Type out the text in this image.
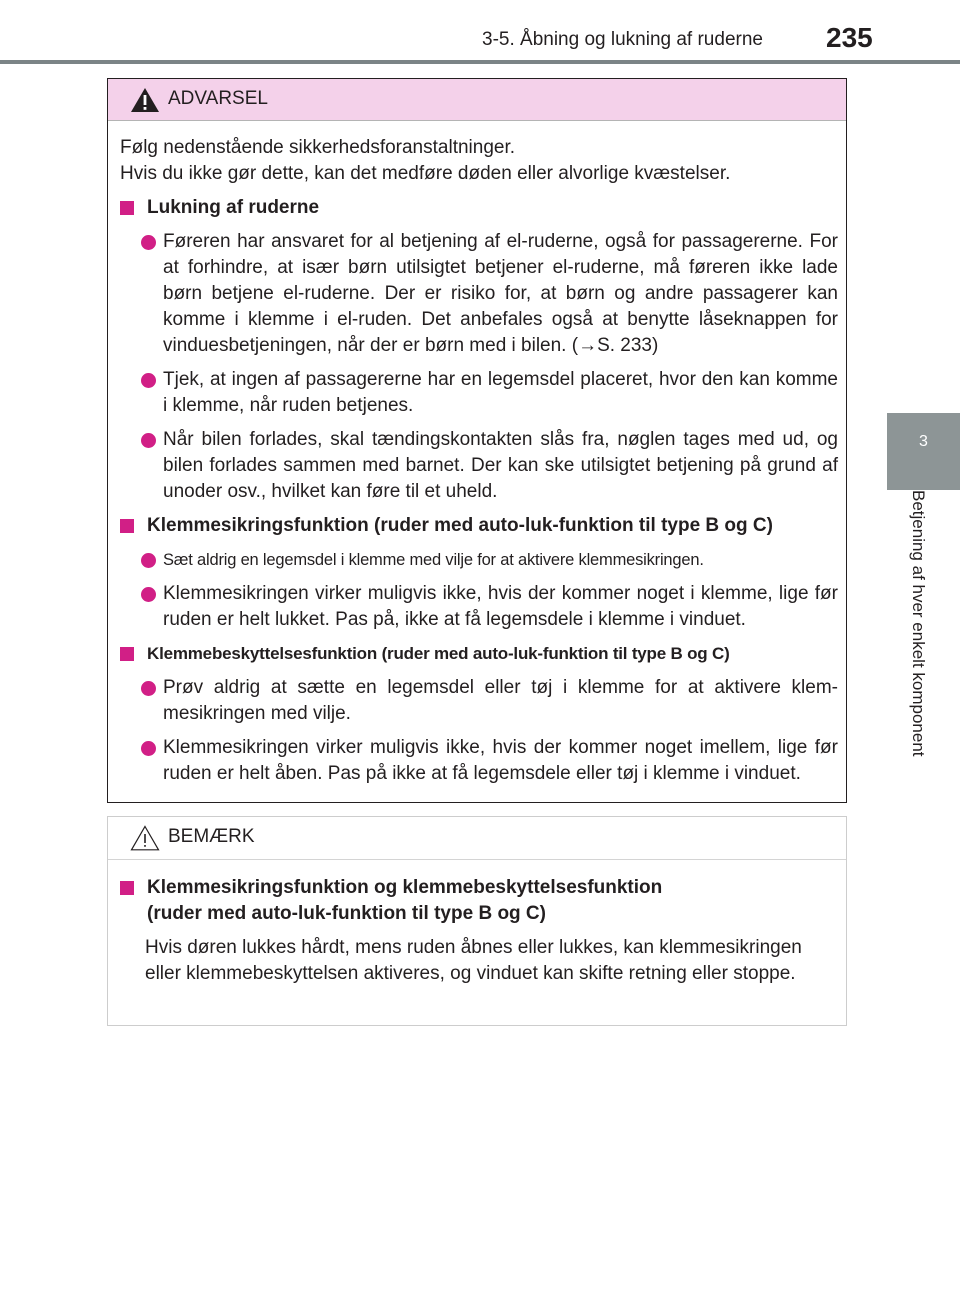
3-5. Åbning og lukning af ruderne 235
3
Betjening af hver enkelt komponent
ADVARSEL

Følg nedenstående sikkerhedsforanstaltninger.

Hvis du ikke gør dette, kan det medføre døden eller alvorlige kvæstelser.

Lukning af ruderne
Føreren har ansvaret for al betjening af el-ruderne, også for passagererne. For at forhindre, at især børn utilsigtet betjener el-ruderne, må føreren ikke lade børn betjene el-ruderne. Der er risiko for, at børn og andre passagerer kan komme i klemme i el-ruden. Det anbefales også at benytte låseknappen for vinduesbetjeningen, når der er børn med i bilen. (→S. 233)
Tjek, at ingen af passagererne har en legemsdel placeret, hvor den kan komme i klemme, når ruden betjenes.
Når bilen forlades, skal tændingskontakten slås fra, nøglen tages med ud, og bilen forlades sammen med barnet. Der kan ske utilsigtet betjening på grund af unoder osv., hvilket kan føre til et uheld.
Klemmesikringsfunktion (ruder med auto-luk-funktion til type B og C)
Sæt aldrig en legemsdel i klemme med vilje for at aktivere klemmesikringen.
Klemmesikringen virker muligvis ikke, hvis der kommer noget i klemme, lige før ruden er helt lukket. Pas på, ikke at få legemsdele i klemme i vinduet.
Klemmebeskyttelsesfunktion (ruder med auto-luk-funktion til type B og C)
Prøv aldrig at sætte en legemsdel eller tøj i klemme for at aktivere klemmesikringen med vilje.
Klemmesikringen virker muligvis ikke, hvis der kommer noget imellem, lige før ruden er helt åben. Pas på ikke at få legemsdele eller tøj i klemme i vinduet.
BEMÆRK
Klemmesikringsfunktion og klemmebeskyttelsesfunktion
(ruder med auto-luk-funktion til type B og C)

Hvis døren lukkes hårdt, mens ruden åbnes eller lukkes, kan klemmesikringen eller klemmebeskyttelsen aktiveres, og vinduet kan skifte retning eller stoppe.
